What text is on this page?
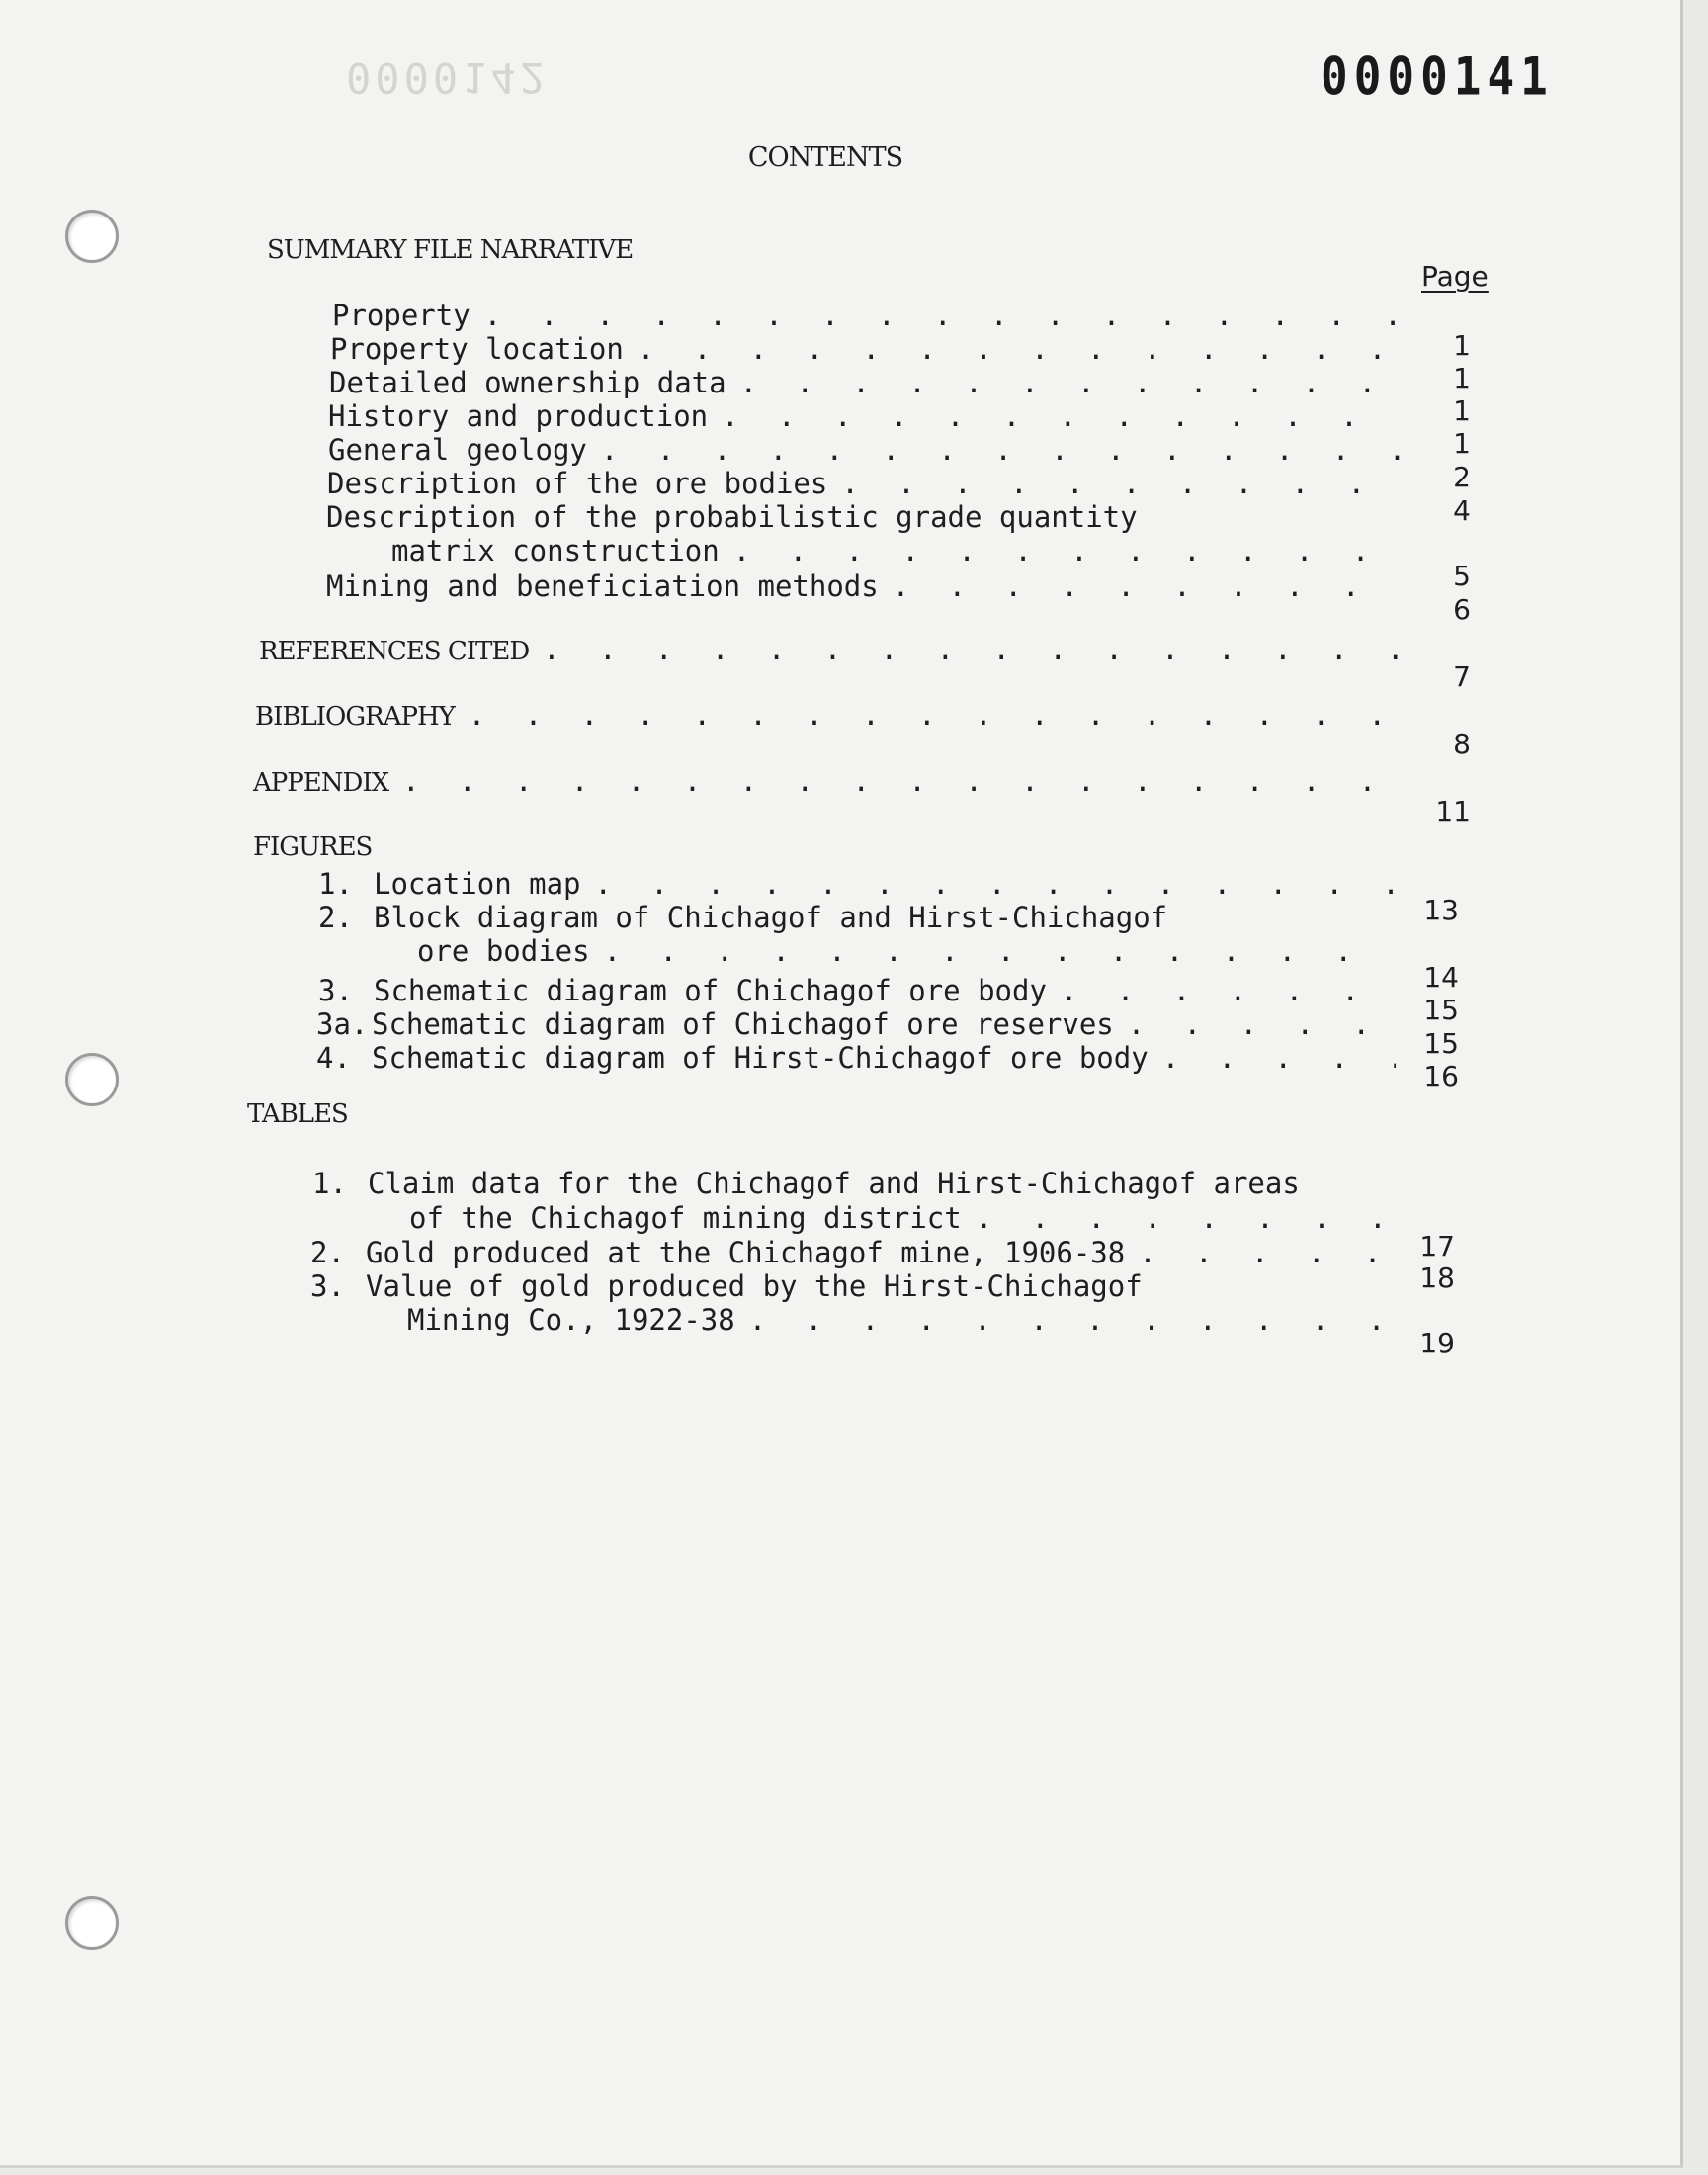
0000142	0000141
CONTENTS
SUMMARY FILE NARRATIVE
Page
Property
. . .
1
Property location
. . .
1
Detailed ownership data
. . .
1
History and production
. . .
1
General geology
. . .
2
Description of the ore bodies
. . .
4
Description of the probabilistic grade quantity
matrix construction
. . .
5
Mining and beneficiation methods
. . .
6
REFERENCES CITED
. . .
7
BIBLIOGRAPHY
. . .
8
APPENDIX
. . .
11
FIGURES
1. Location map
. . .
13
2. Block diagram of Chichagof and Hirst-Chichagof
ore bodies
. . .
14
3. Schematic diagram of Chichagof ore body
. . .
15
3a. Schematic diagram of Chichagof ore reserves
. . .
15
4. Schematic diagram of Hirst-Chichagof ore body
. . .
16
TABLES
1. Claim data for the Chichagof and Hirst-Chichagof areas
of the Chichagof mining district
. . .
17
2. Gold produced at the Chichagof mine, 1906-38
. . .
18
3. Value of gold produced by the Hirst-Chichagof
Mining Co., 1922-38
. . .
19
